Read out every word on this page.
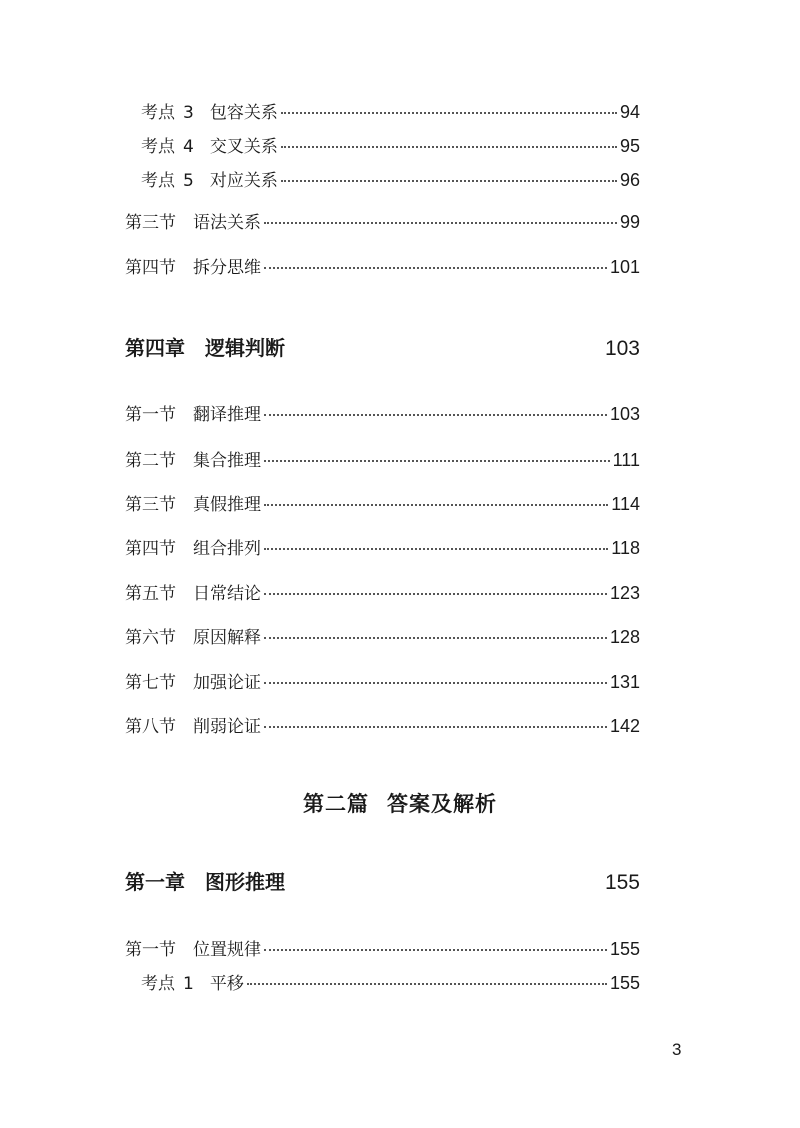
考点 3 包容关系	94
考点 4 交叉关系	95
考点 5 对应关系	96
第三节 语法关系	99
第四节 拆分思维	101
第四章 逻辑判断	103
第一节 翻译推理	103
第二节 集合推理	111
第三节 真假推理	114
第四节 组合排列	118
第五节 日常结论	123
第六节 原因解释	128
第七节 加强论证	131
第八节 削弱论证	142
第二篇 答案及解析
第一章 图形推理	155
第一节 位置规律	155
考点 1 平移	155
3
